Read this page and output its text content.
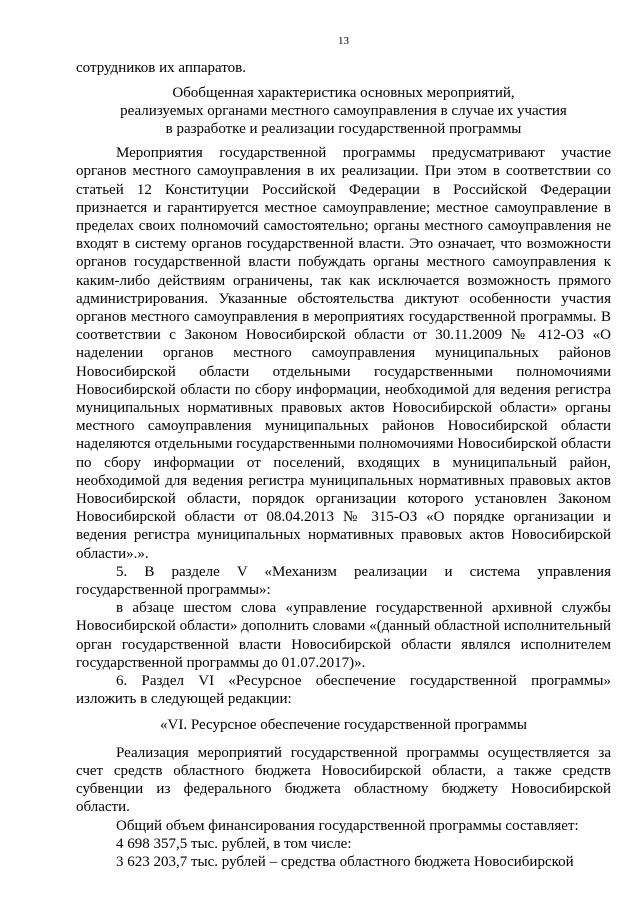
13

сотрудников их аппаратов.

Обобщенная характеристика основных мероприятий,
реализуемых органами местного самоуправления в случае их участия
в разработке и реализации государственной программы

Мероприятия государственной программы предусматривают участие органов местного самоуправления в их реализации. При этом в соответствии со статьей 12 Конституции Российской Федерации в Российской Федерации признается и гарантируется местное самоуправление; местное самоуправление в пределах своих полномочий самостоятельно; органы местного самоуправления не входят в систему органов государственной власти. Это означает, что возможности органов государственной власти побуждать органы местного самоуправления к каким-либо действиям ограничены, так как исключается возможность прямого администрирования. Указанные обстоятельства диктуют особенности участия органов местного самоуправления в мероприятиях государственной программы. В соответствии с Законом Новосибирской области от 30.11.2009 № 412-ОЗ «О наделении органов местного самоуправления муниципальных районов Новосибирской области отдельными государственными полномочиями Новосибирской области по сбору информации, необходимой для ведения регистра муниципальных нормативных правовых актов Новосибирской области» органы местного самоуправления муниципальных районов Новосибирской области наделяются отдельными государственными полномочиями Новосибирской области по сбору информации от поселений, входящих в муниципальный район, необходимой для ведения регистра муниципальных нормативных правовых актов Новосибирской области, порядок организации которого установлен Законом Новосибирской области от 08.04.2013 № 315-ОЗ «О порядке организации и ведения регистра муниципальных нормативных правовых актов Новосибирской области».».

5. В разделе V «Механизм реализации и система управления государственной программы»:

в абзаце шестом слова «управление государственной архивной службы Новосибирской области» дополнить словами «(данный областной исполнительный орган государственной власти Новосибирской области являлся исполнителем государственной программы до 01.07.2017)».

6. Раздел VI «Ресурсное обеспечение государственной программы» изложить в следующей редакции:

«VI. Ресурсное обеспечение государственной программы

Реализация мероприятий государственной программы осуществляется за счет средств областного бюджета Новосибирской области, а также средств субвенции из федерального бюджета областному бюджету Новосибирской области.

Общий объем финансирования государственной программы составляет:

4 698 357,5 тыс. рублей, в том числе:

3 623 203,7 тыс. рублей – средства областного бюджета Новосибирской
